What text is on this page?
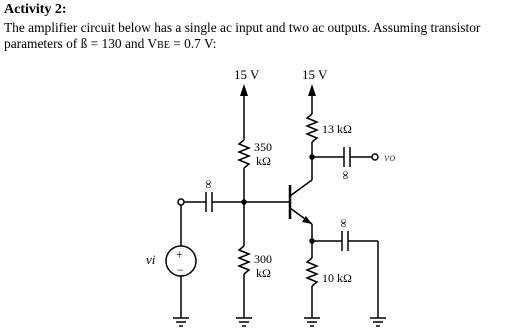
Activity 2:
The amplifier circuit below has a single ac input and two ac outputs. Assuming transistor
parameters of ß = 130 and VBE = 0.7 V:
15 V	15 V
350
kΩ
300
kΩ
∞
+
−
vi
13 kΩ
∞
vo
10 kΩ
∞
